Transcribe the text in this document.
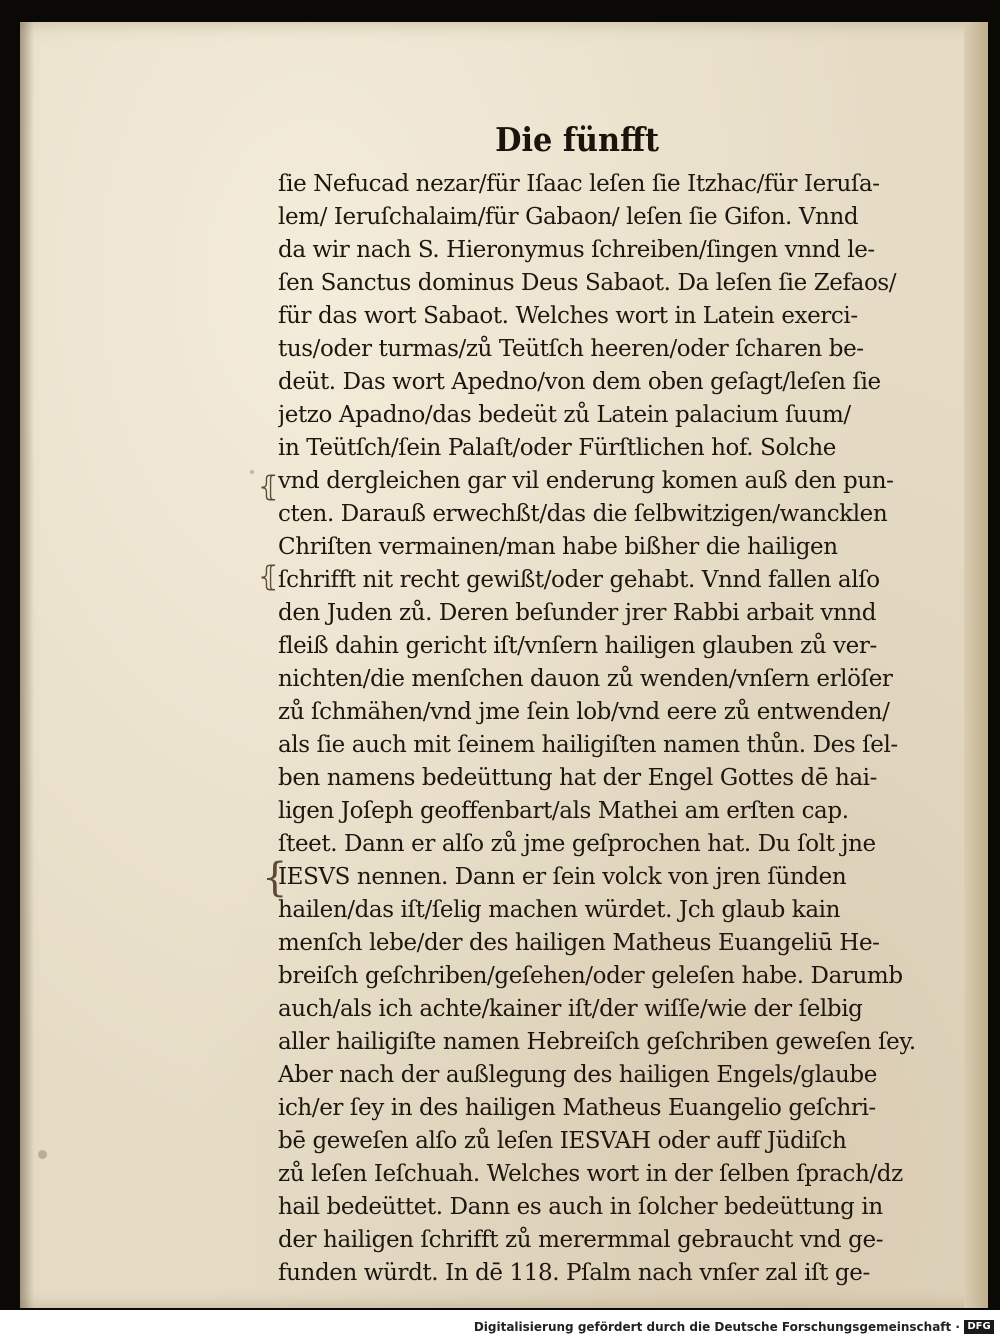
Die fünfft
⦃
⦃
{
ſie Nefucad nezar/für Iſaac leſen ſie Itzhac/für Ieruſa-
lem/ Ieruſchalaim/für Gabaon/ leſen ſie Gifon. Vnnd
da wir nach S. Hieronymus ſchreiben/ſingen vnnd le-
ſen Sanctus dominus Deus Sabaot. Da leſen ſie Zefaos/
für das wort Sabaot. Welches wort in Latein exerci-
tus/oder turmas/zů Teütſch heeren/oder ſcharen be-
deüt. Das wort Apedno/von dem oben geſagt/leſen ſie
jetzo Apadno/das bedeüt zů Latein palacium ſuum/
in Teütſch/ſein Palaſt/oder Fürſtlichen hof. Solche
vnd dergleichen gar vil enderung komen auß den pun-
cten. Darauß erwechßt/das die ſelbwitzigen/wancklen
Chriſten vermainen/man habe bißher die hailigen
ſchrifft nit recht gewißt/oder gehabt. Vnnd fallen alſo
den Juden zů. Deren beſunder jrer Rabbi arbait vnnd
fleiß dahin gericht iſt/vnſern hailigen glauben zů ver-
nichten/die menſchen dauon zů wenden/vnſern erlöſer
zů ſchmähen/vnd jme ſein lob/vnd eere zů entwenden/
als ſie auch mit ſeinem hailigiſten namen thůn. Des ſel-
ben namens bedeüttung hat der Engel Gottes dē hai-
ligen Joſeph geoffenbart/als Mathei am erſten cap.
ſteet. Dann er alſo zů jme geſprochen hat. Du ſolt jne
IESVS nennen. Dann er ſein volck von jren ſünden
hailen/das iſt/ſelig machen würdet. Jch glaub kain
menſch lebe/der des hailigen Matheus Euangeliū He-
breiſch geſchriben/geſehen/oder geleſen habe. Darumb
auch/als ich achte/kainer iſt/der wiſſe/wie der ſelbig
aller hailigiſte namen Hebreiſch geſchriben geweſen ſey.
Aber nach der außlegung des hailigen Engels/glaube
ich/er ſey in des hailigen Matheus Euangelio geſchri-
bē geweſen alſo zů leſen IESVAH oder auff Jüdiſch
zů leſen Ieſchuah. Welches wort in der ſelben ſprach/dz
hail bedeüttet. Dann es auch in ſolcher bedeüttung in
der hailigen ſchrifft zů merermmal gebraucht vnd ge-
funden würdt. In dē 118. Pſalm nach vnſer zal iſt ge-
Digitalisierung gefördert durch die Deutsche Forschungsgemeinschaft · DFG
